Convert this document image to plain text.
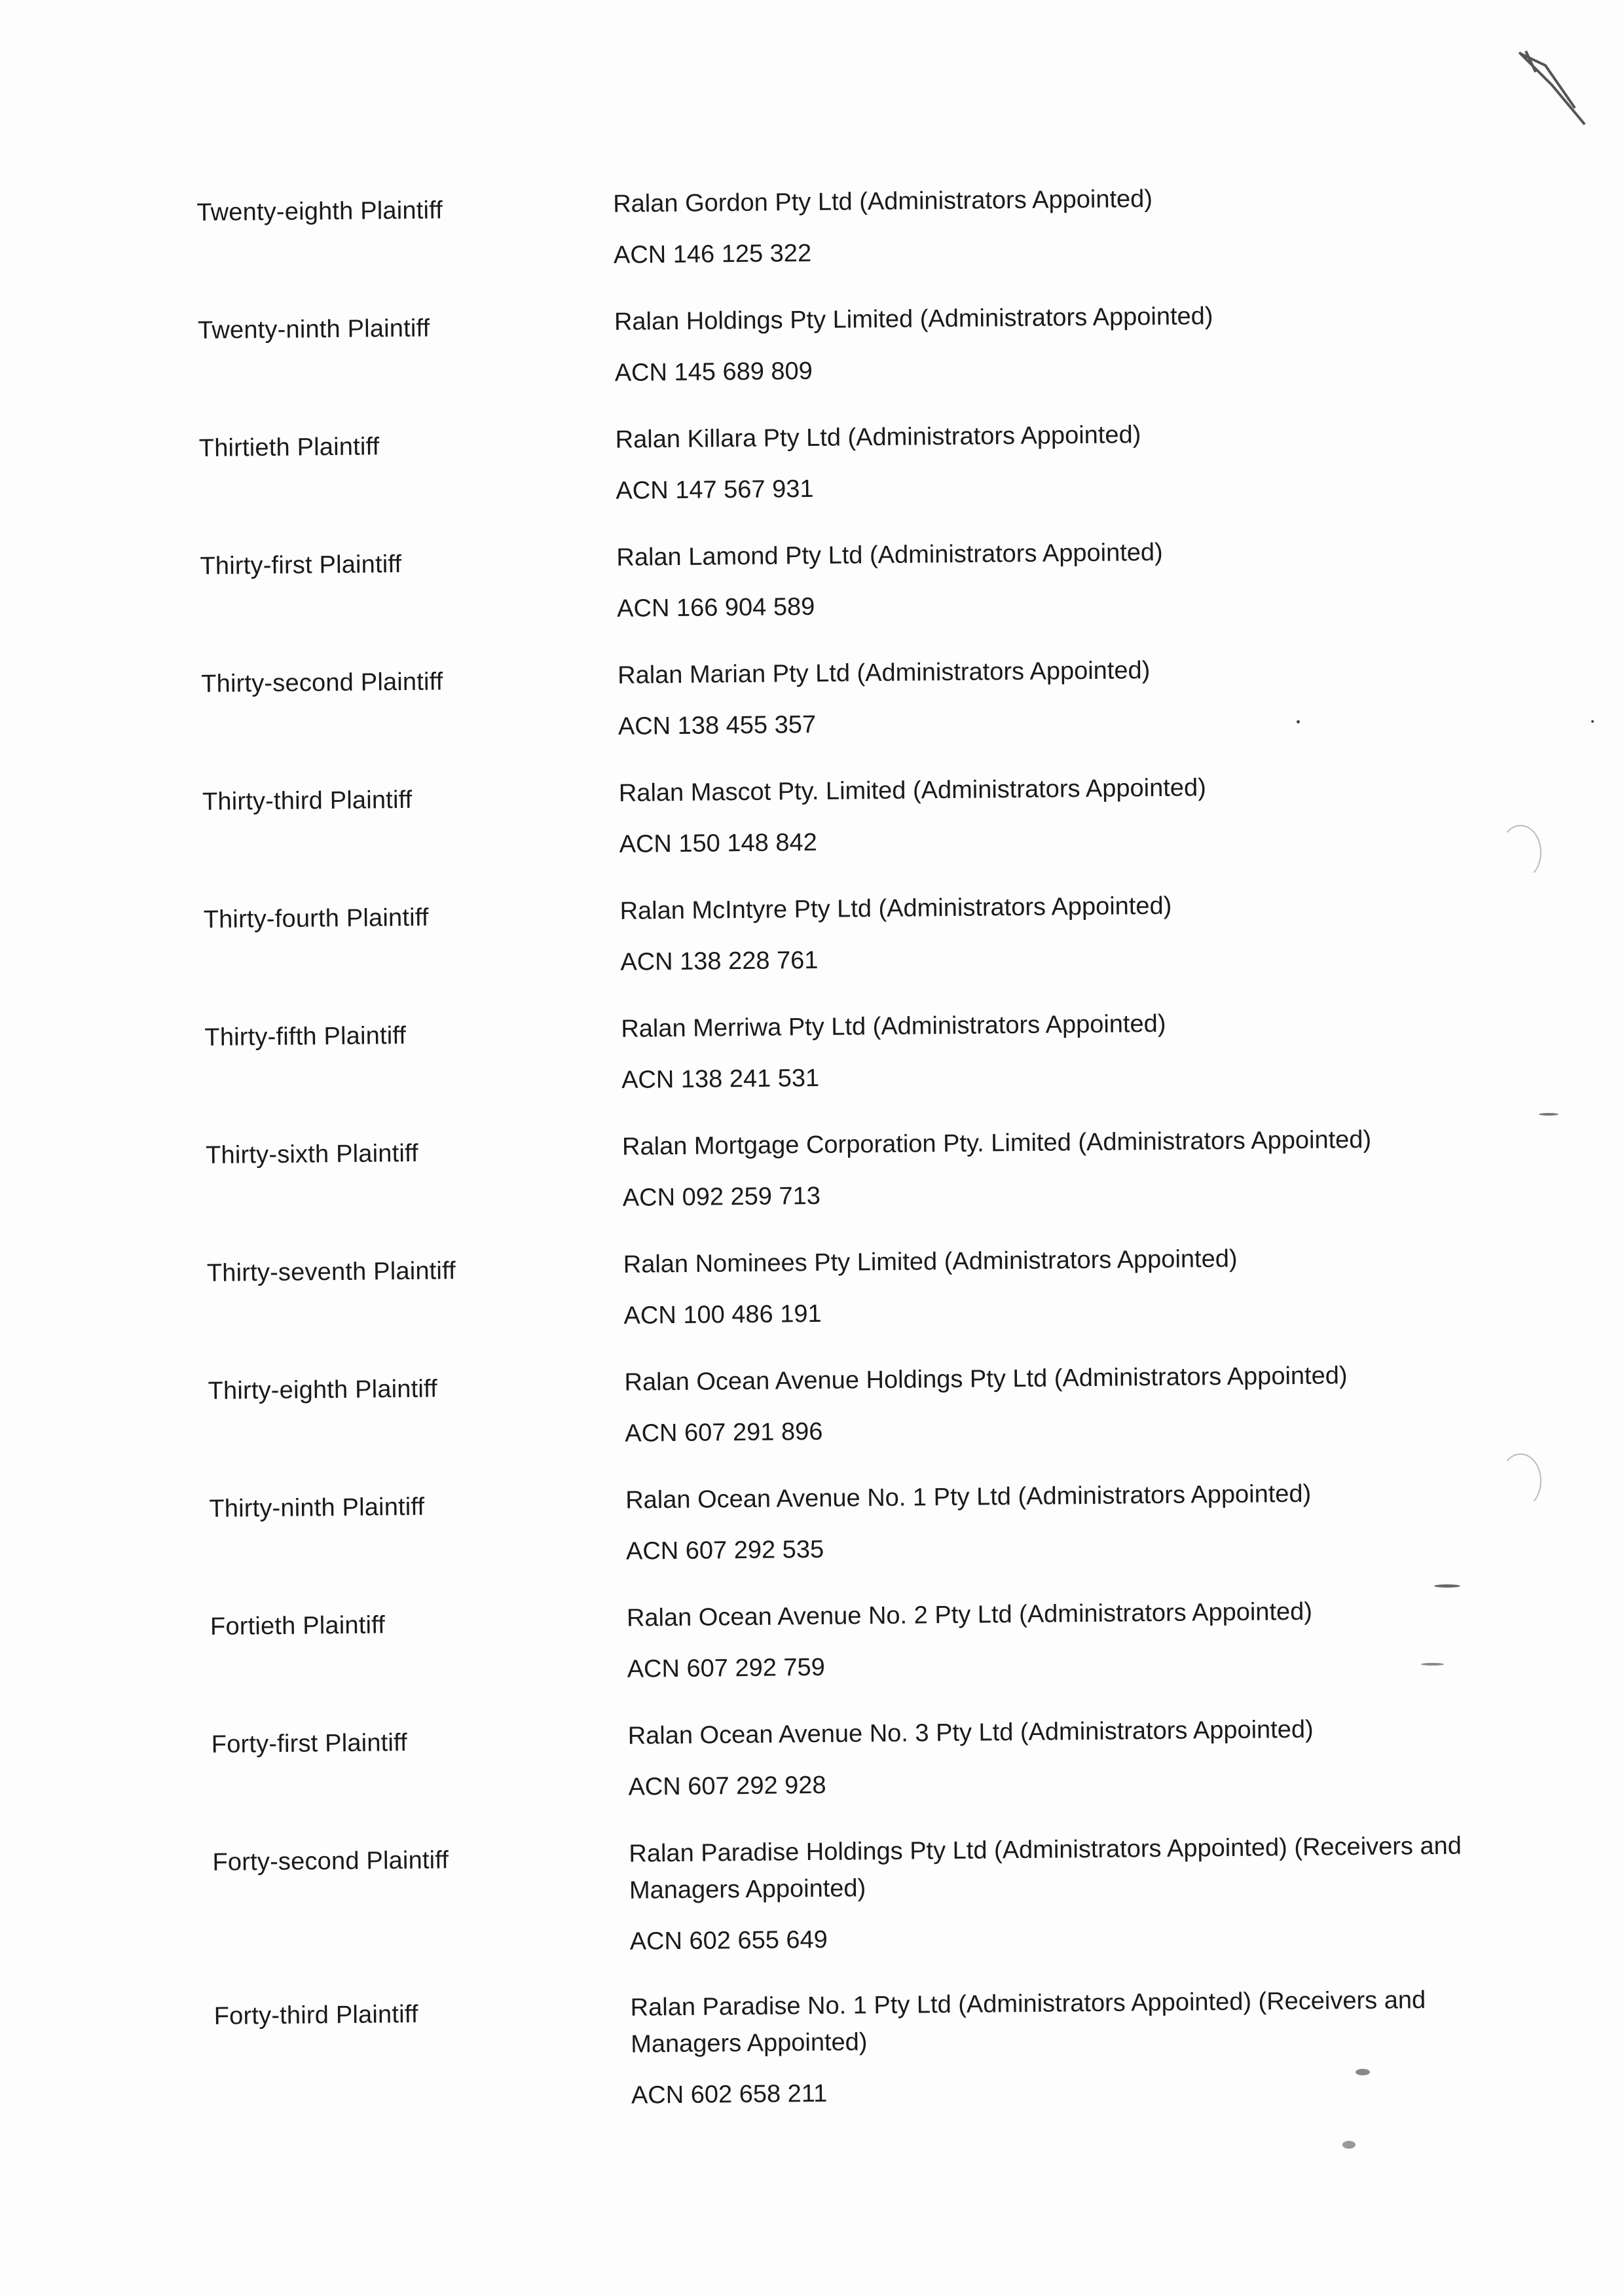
Twenty-eighth Plaintiff	Ralan Gordon Pty Ltd (Administrators Appointed)
ACN 146 125 322
Twenty-ninth Plaintiff	Ralan Holdings Pty Limited (Administrators Appointed)
ACN 145 689 809
Thirtieth Plaintiff	Ralan Killara Pty Ltd (Administrators Appointed)
ACN 147 567 931
Thirty-first Plaintiff	Ralan Lamond Pty Ltd (Administrators Appointed)
ACN 166 904 589
Thirty-second Plaintiff	Ralan Marian Pty Ltd (Administrators Appointed)
ACN 138 455 357
Thirty-third Plaintiff	Ralan Mascot Pty. Limited (Administrators Appointed)
ACN 150 148 842
Thirty-fourth Plaintiff	Ralan McIntyre Pty Ltd (Administrators Appointed)
ACN 138 228 761
Thirty-fifth Plaintiff	Ralan Merriwa Pty Ltd (Administrators Appointed)
ACN 138 241 531
Thirty-sixth Plaintiff	Ralan Mortgage Corporation Pty. Limited (Administrators Appointed)
ACN 092 259 713
Thirty-seventh Plaintiff	Ralan Nominees Pty Limited (Administrators Appointed)
ACN 100 486 191
Thirty-eighth Plaintiff	Ralan Ocean Avenue Holdings Pty Ltd (Administrators Appointed)
ACN 607 291 896
Thirty-ninth Plaintiff	Ralan Ocean Avenue No. 1 Pty Ltd (Administrators Appointed)
ACN 607 292 535
Fortieth Plaintiff	Ralan Ocean Avenue No. 2 Pty Ltd (Administrators Appointed)
ACN 607 292 759
Forty-first Plaintiff	Ralan Ocean Avenue No. 3 Pty Ltd (Administrators Appointed)
ACN 607 292 928
Forty-second Plaintiff	Ralan Paradise Holdings Pty Ltd (Administrators Appointed) (Receivers and Managers Appointed)
ACN 602 655 649
Forty-third Plaintiff	Ralan Paradise No. 1 Pty Ltd (Administrators Appointed) (Receivers and Managers Appointed)
ACN 602 658 211
